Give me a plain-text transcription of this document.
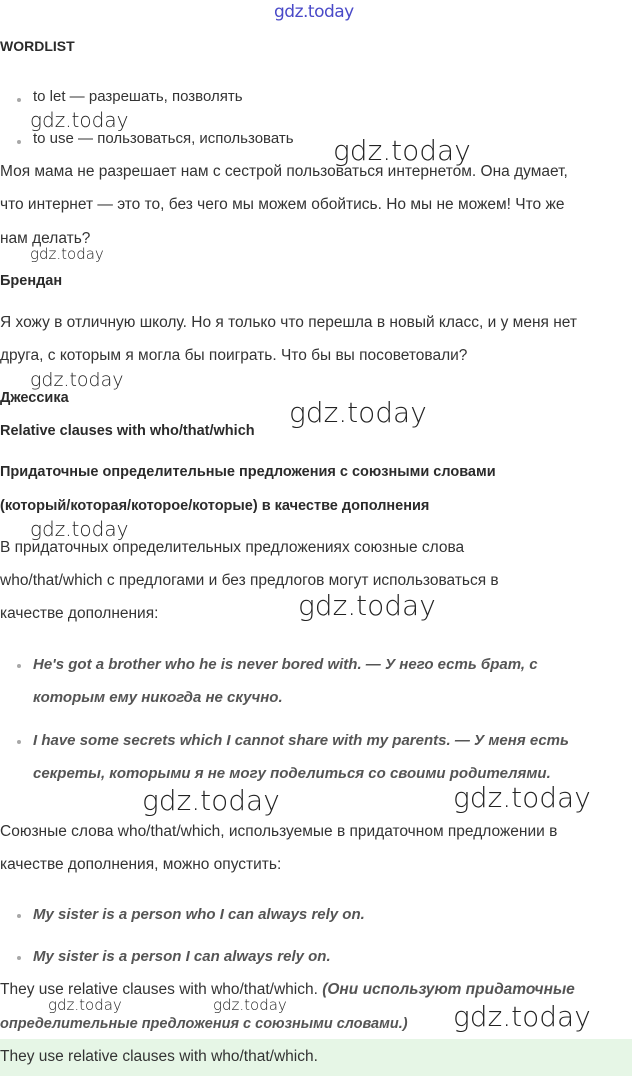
gdz.today
WORDLIST
to let — разрешать, позволять
to use — пользоваться, использовать
Моя мама не разрешает нам с сестрой пользоваться интернетом. Она думает,
что интернет — это то, без чего мы можем обойтись. Но мы не можем! Что же
нам делать?
Брендан
Я хожу в отличную школу. Но я только что перешла в новый класс, и у меня нет
друга, с которым я могла бы поиграть. Что бы вы посоветовали?
Джессика
Relative clauses with who/that/which
Придаточные определительные предложения с союзными словами
(который/которая/которое/которые) в качестве дополнения
В придаточных определительных предложениях союзные слова
who/that/which с предлогами и без предлогов могут использоваться в
качестве дополнения:
He's got a brother who he is never bored with. — У него есть брат, с
которым ему никогда не скучно.
I have some secrets which I cannot share with my parents. — У меня есть
секреты, которыми я не могу поделиться со своими родителями.
Союзные слова who/that/which, используемые в придаточном предложении в
качестве дополнения, можно опустить:
My sister is a person who I can always rely on.
My sister is a person I can always rely on.
They use relative clauses with who/that/which. (Они используют придаточные
определительные предложения с союзными словами.)
They use relative clauses with who/that/which.
gdz.today
gdz.today
gdz.today
gdz.today
gdz.today
gdz.today
gdz.today
gdz.today	gdz.today
gdz.today	gdz.today	gdz.today
